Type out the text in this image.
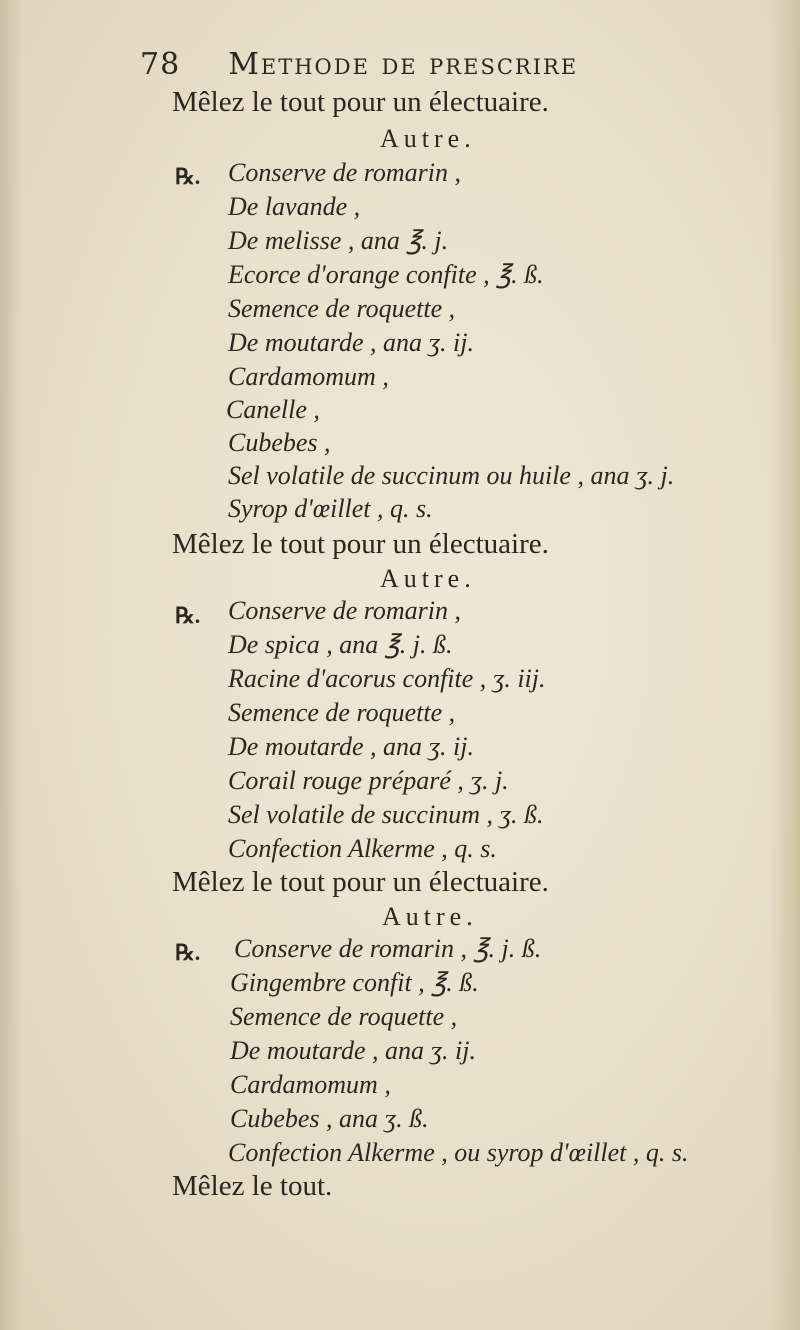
78 Methode de prescrire
Mêlez le tout pour un électuaire.
Autre.
℞. Conserve de romarin ,
De lavande ,
De melisse , ana ℥. j.
Ecorce d'orange confite , ℥. ß.
Semence de roquette ,
De moutarde , ana ʒ. ij.
Cardamomum ,
Canelle ,
Cubebes ,
Sel volatile de succinum ou huile , ana ʒ. j.
Syrop d'œillet , q. s.
Mêlez le tout pour un électuaire.
Autre.
℞. Conserve de romarin ,
De spica , ana ℥. j. ß.
Racine d'acorus confite , ʒ. iij.
Semence de roquette ,
De moutarde , ana ʒ. ij.
Corail rouge préparé , ʒ. j.
Sel volatile de succinum , ʒ. ß.
Confection Alkerme , q. s.
Mêlez le tout pour un électuaire.
Autre.
℞. Conserve de romarin , ℥. j. ß.
Gingembre confit , ℥. ß.
Semence de roquette ,
De moutarde , ana ʒ. ij.
Cardamomum ,
Cubebes , ana ʒ. ß.
Confection Alkerme , ou syrop d'œillet , q. s.
Mêlez le tout.
